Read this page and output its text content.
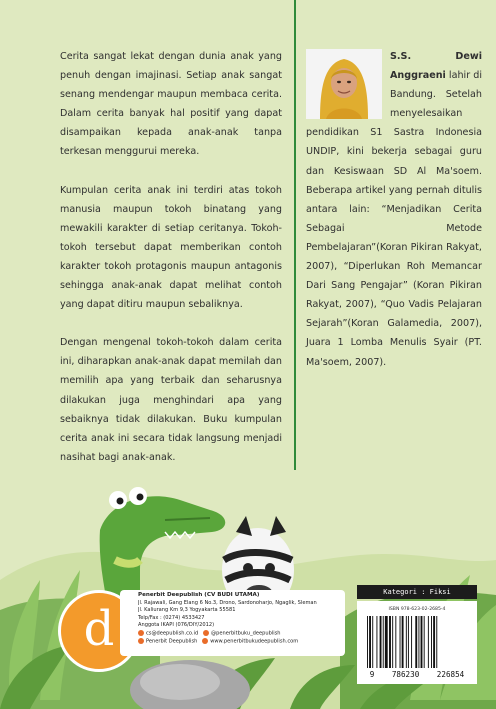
Cerita sangat lekat dengan dunia anak yang penuh dengan imajinasi. Setiap anak sangat senang mendengar maupun membaca cerita. Dalam cerita banyak hal positif yang dapat disampaikan kepada anak-anak tanpa terkesan menggurui mereka.

Kumpulan cerita anak ini terdiri atas tokoh manusia maupun tokoh binatang yang mewakili karakter di setiap ceritanya. Tokoh-tokoh tersebut dapat memberikan contoh karakter tokoh protagonis maupun antagonis sehingga anak-anak dapat melihat contoh yang dapat ditiru maupun sebaliknya.

Dengan mengenal tokoh-tokoh dalam cerita ini, diharapkan anak-anak dapat memilah dan memilih apa yang terbaik dan seharusnya dilakukan juga menghindari apa yang sebaiknya tidak dilakukan. Buku kumpulan cerita anak ini secara tidak langsung menjadi nasihat bagi anak-anak.

S.S. Dewi Anggraeni lahir di Bandung. Setelah menyelesaikan pendidikan S1 Sastra Indonesia UNDIP, kini bekerja sebagai guru dan Kesiswaan SD Al Ma'soem. Beberapa artikel yang pernah ditulis antara lain: “Menjadikan Cerita Sebagai Metode Pembelajaran”(Koran Pikiran Rakyat, 2007), “Diperlukan Roh Memancar Dari Sang Pengajar” (Koran Pikiran Rakyat, 2007), “Quo Vadis Pelajaran Sejarah”(Koran Galamedia, 2007), Juara 1 Lomba Menulis Syair (PT. Ma'soem, 2007).
d
Penerbit Deepublish (CV BUDI UTAMA)
Jl. Rajawali, Gang Elang 6 No.3, Drono, Sardonoharjo, Ngaglik, Sleman
Jl. Kaliurang Km 9,3 Yogyakarta 55581
Telp/Fax : (0274) 4533427
Anggota IKAPI (076/DIY/2012)
cs@deepublish.co.id	@penerbitbuku_deepublish
Penerbit Deepublish	www.penerbitbukudeepublish.com
Kategori : Fiksi
ISBN 978-623-02-2685-4
9 786230 226854
